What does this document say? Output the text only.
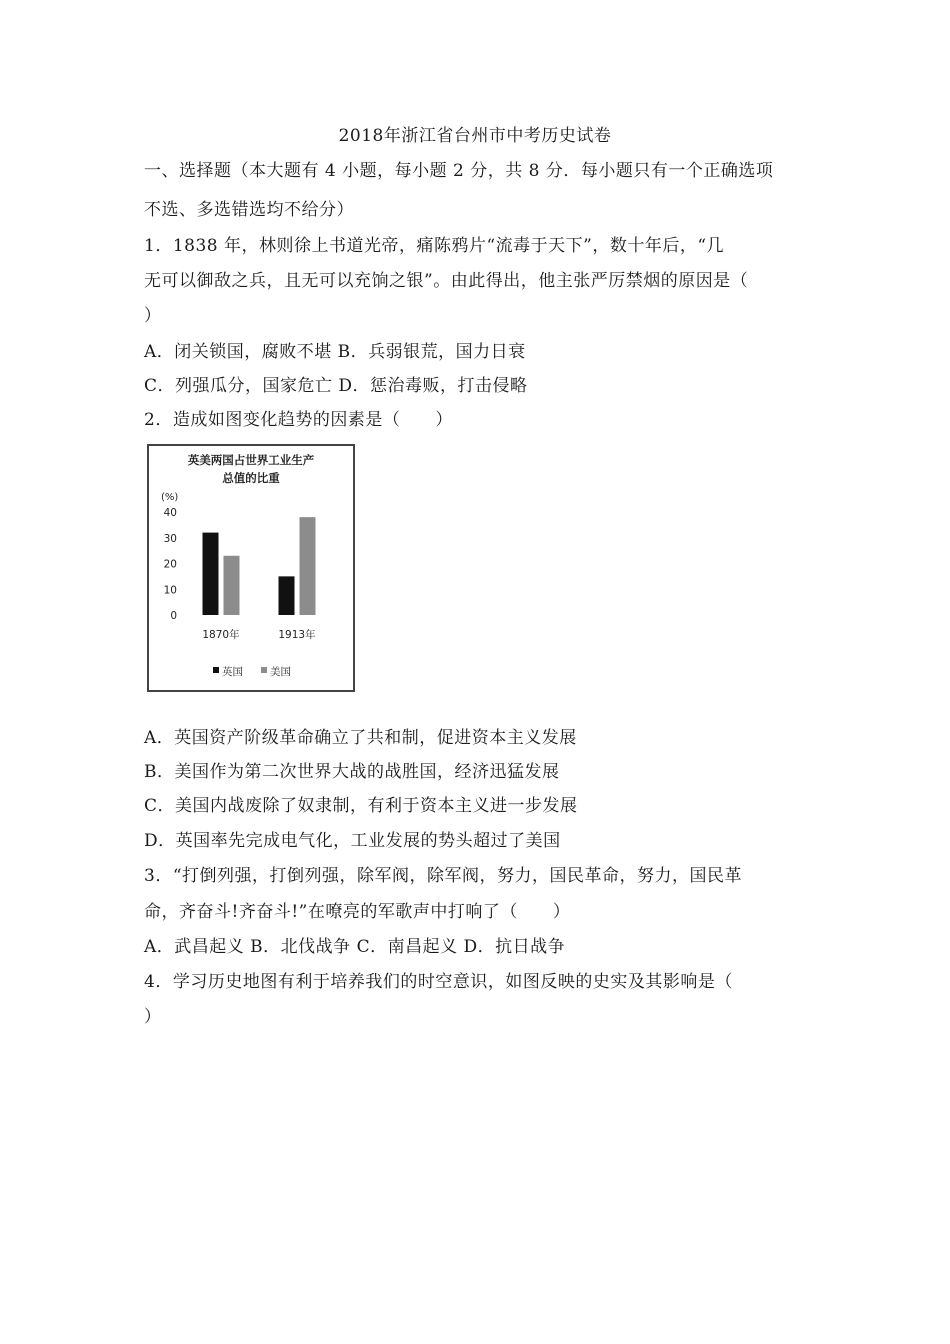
2018年浙江省台州市中考历史试卷
一、选择题（本大题有 4 小题，每小题 2 分，共 8 分．每小题只有一个正确选项
不选、多选错选均不给分）
1．1838 年，林则徐上书道光帝，痛陈鸦片“流毒于天下”，数十年后，“几
无可以御敌之兵，且无可以充饷之银”。由此得出，他主张严厉禁烟的原因是（
）
A．闭关锁国，腐败不堪 B．兵弱银荒，国力日衰
C．列强瓜分，国家危亡 D．惩治毒贩，打击侵略
2．造成如图变化趋势的因素是（　　）
英美两国占世界工业生产
总值的比重
(%)
0
10
20
30
40
1870年	1913年
英国	美国
A．英国资产阶级革命确立了共和制，促进资本主义发展
B．美国作为第二次世界大战的战胜国，经济迅猛发展
C．美国内战废除了奴隶制，有利于资本主义进一步发展
D．英国率先完成电气化，工业发展的势头超过了美国
3．“打倒列强，打倒列强，除军阀，除军阀，努力，国民革命，努力，国民革
命，齐奋斗!齐奋斗!”在嘹亮的军歌声中打响了（　　）
A．武昌起义 B．北伐战争 C．南昌起义 D．抗日战争
4．学习历史地图有利于培养我们的时空意识，如图反映的史实及其影响是（
）
